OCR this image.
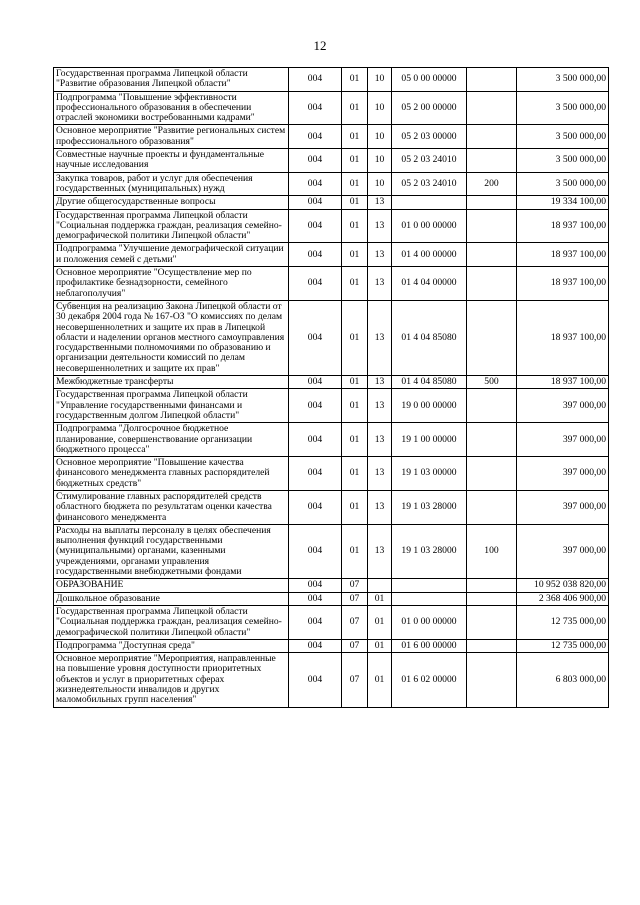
12
Государственная программа Липецкой области "Развитие образования Липецкой области"	004	01	10	05 0 00 00000		3 500 000,00
Подпрограмма "Повышение эффективности профессионального образования в обеспечении отраслей экономики востребованными кадрами"	004	01	10	05 2 00 00000		3 500 000,00
Основное мероприятие "Развитие региональных систем профессионального образования"	004	01	10	05 2 03 00000		3 500 000,00
Совместные научные проекты и фундаментальные научные исследования	004	01	10	05 2 03 24010		3 500 000,00
Закупка товаров, работ и услуг для обеспечения государственных (муниципальных) нужд	004	01	10	05 2 03 24010	200	3 500 000,00
Другие общегосударственные вопросы	004	01	13			19 334 100,00
Государственная программа Липецкой области "Социальная поддержка граждан, реализация семейно-демографической политики Липецкой области"	004	01	13	01 0 00 00000		18 937 100,00
Подпрограмма "Улучшение демографической ситуации и положения семей с детьми"	004	01	13	01 4 00 00000		18 937 100,00
Основное мероприятие "Осуществление мер по профилактике безнадзорности, семейного неблагополучия"	004	01	13	01 4 04 00000		18 937 100,00
Субвенция на реализацию Закона Липецкой области от 30 декабря 2004 года № 167-ОЗ "О комиссиях по делам несовершеннолетних и защите их прав в Липецкой области и наделении органов местного самоуправления государственными полномочиями по образованию и организации деятельности комиссий по делам несовершеннолетних и защите их прав"	004	01	13	01 4 04 85080		18 937 100,00
Межбюджетные трансферты	004	01	13	01 4 04 85080	500	18 937 100,00
Государственная программа Липецкой области "Управление государственными финансами и государственным долгом Липецкой области"	004	01	13	19 0 00 00000		397 000,00
Подпрограмма "Долгосрочное бюджетное планирование, совершенствование организации бюджетного процесса"	004	01	13	19 1 00 00000		397 000,00
Основное мероприятие "Повышение качества финансового менеджмента главных распорядителей бюджетных средств"	004	01	13	19 1 03 00000		397 000,00
Стимулирование главных распорядителей средств областного бюджета по результатам оценки качества финансового менеджмента	004	01	13	19 1 03 28000		397 000,00
Расходы на выплаты персоналу в целях обеспечения выполнения функций государственными (муниципальными) органами, казенными учреждениями, органами управления государственными внебюджетными фондами	004	01	13	19 1 03 28000	100	397 000,00
ОБРАЗОВАНИЕ	004	07				10 952 038 820,00
Дошкольное образование	004	07	01			2 368 406 900,00
Государственная программа Липецкой области "Социальная поддержка граждан, реализация семейно-демографической политики Липецкой области"	004	07	01	01 0 00 00000		12 735 000,00
Подпрограмма "Доступная среда"	004	07	01	01 6 00 00000		12 735 000,00
Основное мероприятие "Мероприятия, направленные на повышение уровня доступности приоритетных объектов и услуг в приоритетных сферах жизнедеятельности инвалидов и других маломобильных групп населения"	004	07	01	01 6 02 00000		6 803 000,00
